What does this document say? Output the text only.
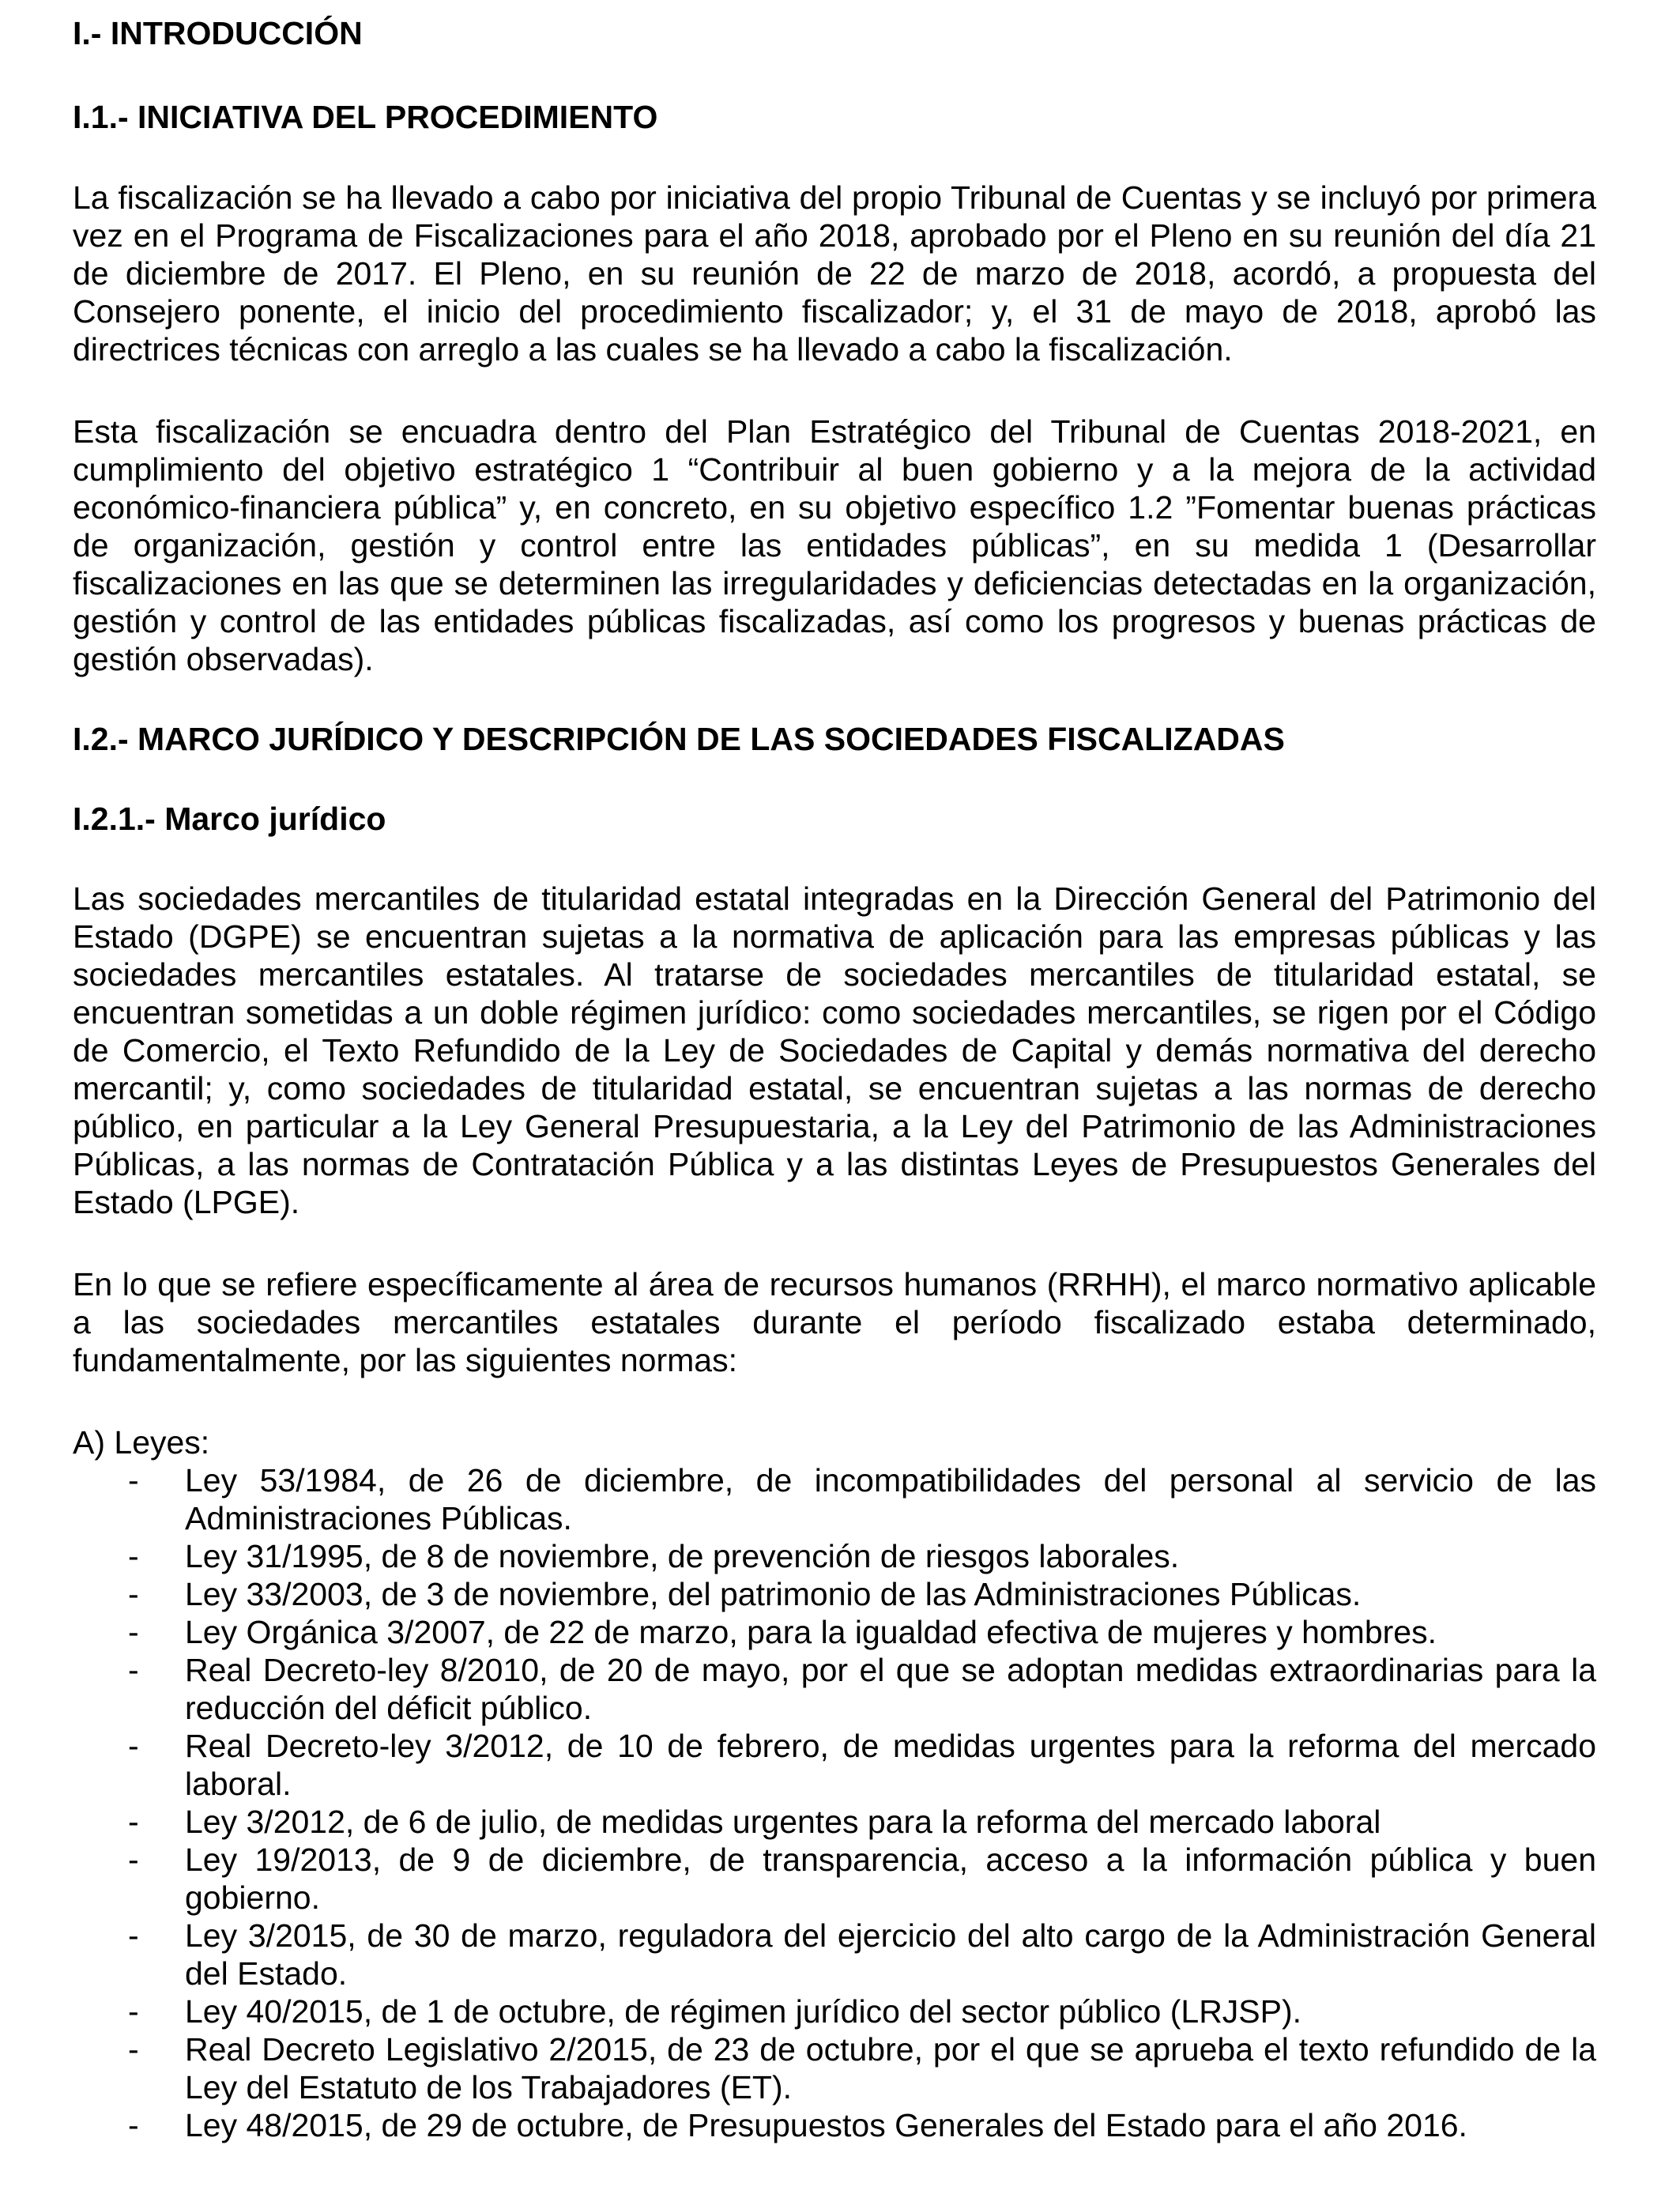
I.- INTRODUCCIÓN
I.1.- INICIATIVA DEL PROCEDIMIENTO

La fiscalización se ha llevado a cabo por iniciativa del propio Tribunal de Cuentas y se incluyó por primera vez en el Programa de Fiscalizaciones para el año 2018, aprobado por el Pleno en su reunión del día 21 de diciembre de 2017. El Pleno, en su reunión de 22 de marzo de 2018, acordó, a propuesta del Consejero ponente, el inicio del procedimiento fiscalizador; y, el 31 de mayo de 2018, aprobó las directrices técnicas con arreglo a las cuales se ha llevado a cabo la fiscalización.

Esta fiscalización se encuadra dentro del Plan Estratégico del Tribunal de Cuentas 2018-2021, en cumplimiento del objetivo estratégico 1 “Contribuir al buen gobierno y a la mejora de la actividad económico-financiera pública” y, en concreto, en su objetivo específico 1.2 ”Fomentar buenas prácticas de organización, gestión y control entre las entidades públicas”, en su medida 1 (Desarrollar fiscalizaciones en las que se determinen las irregularidades y deficiencias detectadas en la organización, gestión y control de las entidades públicas fiscalizadas, así como los progresos y buenas prácticas de gestión observadas).

I.2.- MARCO JURÍDICO Y DESCRIPCIÓN DE LAS SOCIEDADES FISCALIZADAS
I.2.1.- Marco jurídico

Las sociedades mercantiles de titularidad estatal integradas en la Dirección General del Patrimonio del Estado (DGPE) se encuentran sujetas a la normativa de aplicación para las empresas públicas y las sociedades mercantiles estatales. Al tratarse de sociedades mercantiles de titularidad estatal, se encuentran sometidas a un doble régimen jurídico: como sociedades mercantiles, se rigen por el Código de Comercio, el Texto Refundido de la Ley de Sociedades de Capital y demás normativa del derecho mercantil; y, como sociedades de titularidad estatal, se encuentran sujetas a las normas de derecho público, en particular a la Ley General Presupuestaria, a la Ley del Patrimonio de las Administraciones Públicas, a las normas de Contratación Pública y a las distintas Leyes de Presupuestos Generales del Estado (LPGE).

En lo que se refiere específicamente al área de recursos humanos (RRHH), el marco normativo aplicable a las sociedades mercantiles estatales durante el período fiscalizado estaba determinado, fundamentalmente, por las siguientes normas:

A) Leyes:

- Ley 53/1984, de 26 de diciembre, de incompatibilidades del personal al servicio de las Administraciones Públicas.
- Ley 31/1995, de 8 de noviembre, de prevención de riesgos laborales.
- Ley 33/2003, de 3 de noviembre, del patrimonio de las Administraciones Públicas.
- Ley Orgánica 3/2007, de 22 de marzo, para la igualdad efectiva de mujeres y hombres.
- Real Decreto-ley 8/2010, de 20 de mayo, por el que se adoptan medidas extraordinarias para la reducción del déficit público.
- Real Decreto-ley 3/2012, de 10 de febrero, de medidas urgentes para la reforma del mercado laboral.
- Ley 3/2012, de 6 de julio, de medidas urgentes para la reforma del mercado laboral
- Ley 19/2013, de 9 de diciembre, de transparencia, acceso a la información pública y buen gobierno.
- Ley 3/2015, de 30 de marzo, reguladora del ejercicio del alto cargo de la Administración General del Estado.
- Ley 40/2015, de 1 de octubre, de régimen jurídico del sector público (LRJSP).
- Real Decreto Legislativo 2/2015, de 23 de octubre, por el que se aprueba el texto refundido de la Ley del Estatuto de los Trabajadores (ET).
- Ley 48/2015, de 29 de octubre, de Presupuestos Generales del Estado para el año 2016.
